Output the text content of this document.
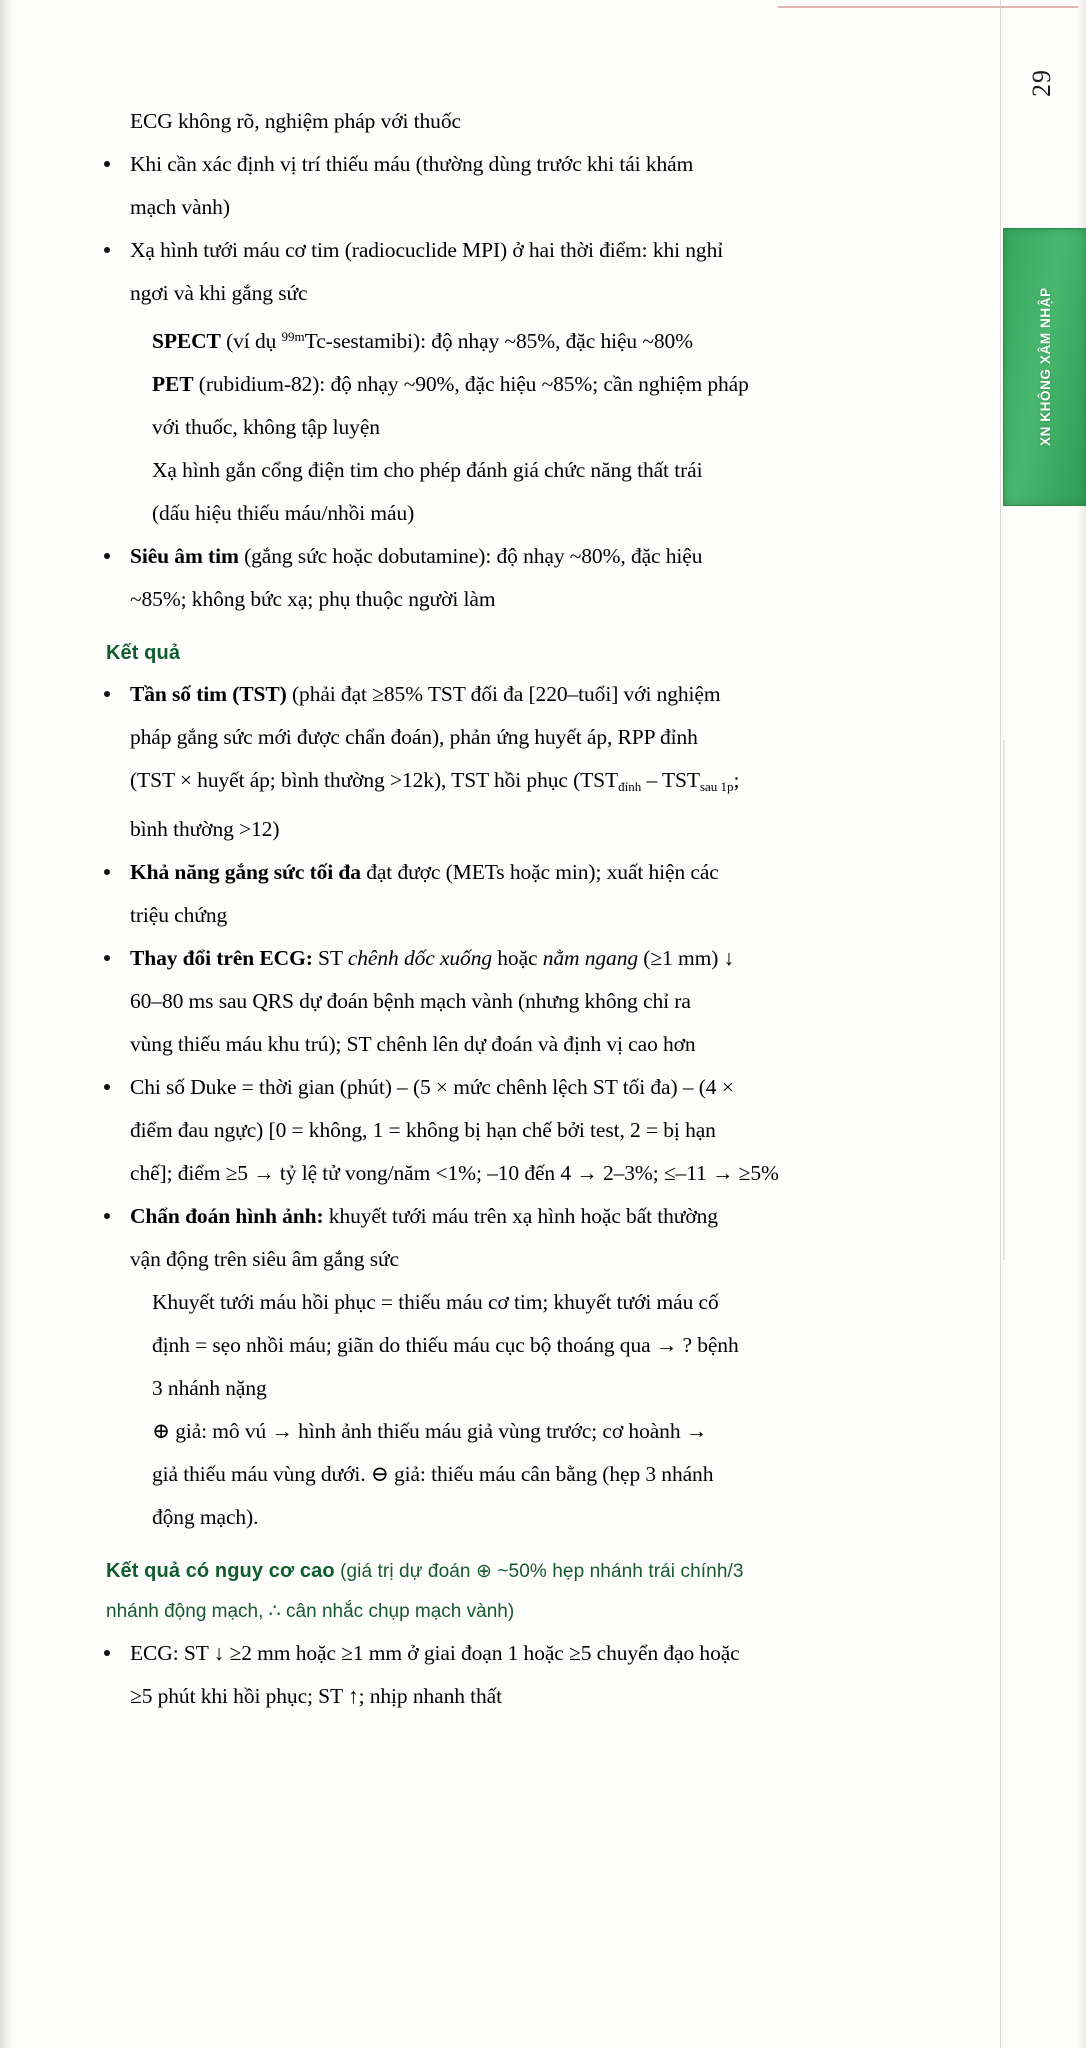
29
XN KHÔNG XÂM NHẬP
ECG không rõ, nghiệm pháp với thuốc
Khi cần xác định vị trí thiếu máu (thường dùng trước khi tái khám
mạch vành)
Xạ hình tưới máu cơ tim (radiocuclide MPI) ở hai thời điểm: khi nghỉ
ngơi và khi gắng sức
SPECT (ví dụ $^{99m}$Tc-sestamibi): độ nhạy ~85%, đặc hiệu ~80%
PET (rubidium-82): độ nhạy ~90%, đặc hiệu ~85%; cần nghiệm pháp
với thuốc, không tập luyện
Xạ hình gắn cổng điện tim cho phép đánh giá chức năng thất trái
(dấu hiệu thiếu máu/nhồi máu)
Siêu âm tim (gắng sức hoặc dobutamine): độ nhạy ~80%, đặc hiệu
~85%; không bức xạ; phụ thuộc người làm
Kết quả
Tần số tim (TST) (phải đạt ≥85% TST đối đa [220–tuổi] với nghiệm
pháp gắng sức mới được chẩn đoán), phản ứng huyết áp, RPP đỉnh
(TST × huyết áp; bình thường >12k), TST hồi phục ($TST_{đỉnh} - TST_{sau 1p}$;
bình thường >12)
Khả năng gắng sức tối đa đạt được (METs hoặc min); xuất hiện các
triệu chứng
Thay đổi trên ECG: ST chênh dốc xuống hoặc nằm ngang (≥1 mm) ↓
60–80 ms sau QRS dự đoán bệnh mạch vành (nhưng không chỉ ra
vùng thiếu máu khu trú); ST chênh lên dự đoán và định vị cao hơn
Chi số Duke = thời gian (phút) – (5 × mức chênh lệch ST tối đa) – (4 ×
điểm đau ngực) [0 = không, 1 = không bị hạn chế bởi test, 2 = bị hạn
chế]; điểm ≥5 → tỷ lệ tử vong/năm <1%; –10 đến 4 → 2–3%; ≤–11 → ≥5%
Chẩn đoán hình ảnh: khuyết tưới máu trên xạ hình hoặc bất thường
vận động trên siêu âm gắng sức
Khuyết tưới máu hồi phục = thiếu máu cơ tim; khuyết tưới máu cố
định = sẹo nhồi máu; giãn do thiếu máu cục bộ thoáng qua → ? bệnh
3 nhánh nặng
⊕ giả: mô vú → hình ảnh thiếu máu giả vùng trước; cơ hoành →
giả thiếu máu vùng dưới. ⊖ giả: thiếu máu cân bằng (hẹp 3 nhánh
động mạch).
Kết quả có nguy cơ cao (giá trị dự đoán ⊕ ~50% hẹp nhánh trái chính/3
nhánh động mạch, ∴ cân nhắc chụp mạch vành)
ECG: ST ↓ ≥2 mm hoặc ≥1 mm ở giai đoạn 1 hoặc ≥5 chuyển đạo hoặc
≥5 phút khi hồi phục; ST ↑; nhịp nhanh thất
